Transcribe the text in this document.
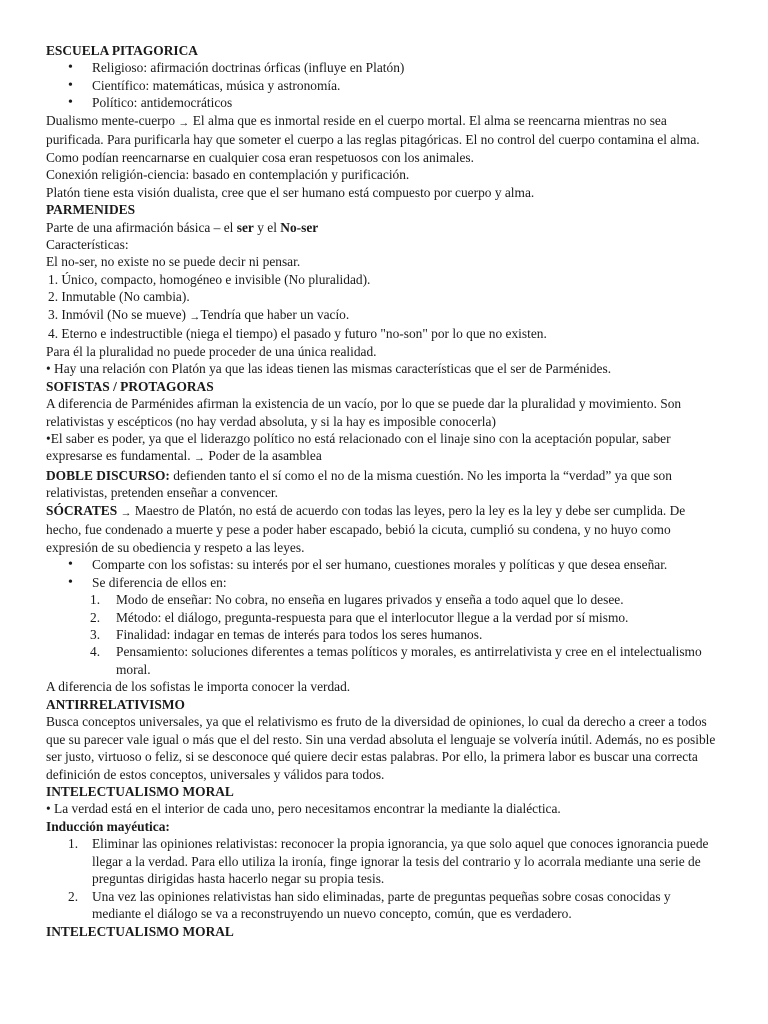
ESCUELA PITAGORICA

• Religioso: afirmación doctrinas órficas (influye en Platón)
• Científico: matemáticas, música y astronomía.
• Político: antidemocráticos

Dualismo mente-cuerpo → El alma que es inmortal reside en el cuerpo mortal. El alma se reencarna mientras no sea purificada. Para purificarla hay que someter el cuerpo a las reglas pitagóricas. El no control del cuerpo contamina el alma.

Como podían reencarnarse en cualquier cosa eran respetuosos con los animales.

Conexión religión-ciencia: basado en contemplación y purificación.

Platón tiene esta visión dualista, cree que el ser humano está compuesto por cuerpo y alma.

PARMENIDES

Parte de una afirmación básica – el ser y el No-ser

Características:

El no-ser, no existe no se puede decir ni pensar.

1. Único, compacto, homogéneo e invisible (No pluralidad).

2. Inmutable (No cambia).

3. Inmóvil (No se mueve) →Tendría que haber un vacío.

4. Eterno e indestructible (niega el tiempo) el pasado y futuro "no-son" por lo que no existen.

Para él la pluralidad no puede proceder de una única realidad.

• Hay una relación con Platón ya que las ideas tienen las mismas características que el ser de Parménides.

SOFISTAS / PROTAGORAS

A diferencia de Parménides afirman la existencia de un vacío, por lo que se puede dar la pluralidad y movimiento. Son relativistas y escépticos (no hay verdad absoluta, y si la hay es imposible conocerla)

•El saber es poder, ya que el liderazgo político no está relacionado con el linaje sino con la aceptación popular, saber expresarse es fundamental. → Poder de la asamblea

DOBLE DISCURSO: defienden tanto el sí como el no de la misma cuestión. No les importa la “verdad” ya que son relativistas, pretenden enseñar a convencer.

SÓCRATES → Maestro de Platón, no está de acuerdo con todas las leyes, pero la ley es la ley y debe ser cumplida. De hecho, fue condenado a muerte y pese a poder haber escapado, bebió la cicuta, cumplió su condena, y no huyo como expresión de su obediencia y respeto a las leyes.

• Comparte con los sofistas: su interés por el ser humano, cuestiones morales y políticas y que desea enseñar.
• Se diferencia de ellos en:
1. Modo de enseñar: No cobra, no enseña en lugares privados y enseña a todo aquel que lo desee.
2. Método: el diálogo, pregunta-respuesta para que el interlocutor llegue a la verdad por sí mismo.
3. Finalidad: indagar en temas de interés para todos los seres humanos.
4. Pensamiento: soluciones diferentes a temas políticos y morales, es antirrelativista y cree en el intelectualismo moral.

A diferencia de los sofistas le importa conocer la verdad.

ANTIRRELATIVISMO

Busca conceptos universales, ya que el relativismo es fruto de la diversidad de opiniones, lo cual da derecho a creer a todos que su parecer vale igual o más que el del resto. Sin una verdad absoluta el lenguaje se volvería inútil. Además, no es posible ser justo, virtuoso o feliz, si se desconoce qué quiere decir estas palabras. Por ello, la primera labor es buscar una correcta definición de estos conceptos, universales y válidos para todos.

INTELECTUALISMO MORAL

• La verdad está en el interior de cada uno, pero necesitamos encontrar la mediante la dialéctica.

Inducción mayéutica:

1. Eliminar las opiniones relativistas: reconocer la propia ignorancia, ya que solo aquel que conoces ignorancia puede llegar a la verdad. Para ello utiliza la ironía, finge ignorar la tesis del contrario y lo acorrala mediante una serie de preguntas dirigidas hasta hacerlo negar su propia tesis.
2. Una vez las opiniones relativistas han sido eliminadas, parte de preguntas pequeñas sobre cosas conocidas y mediante el diálogo se va a reconstruyendo un nuevo concepto, común, que es verdadero.

INTELECTUALISMO MORAL
